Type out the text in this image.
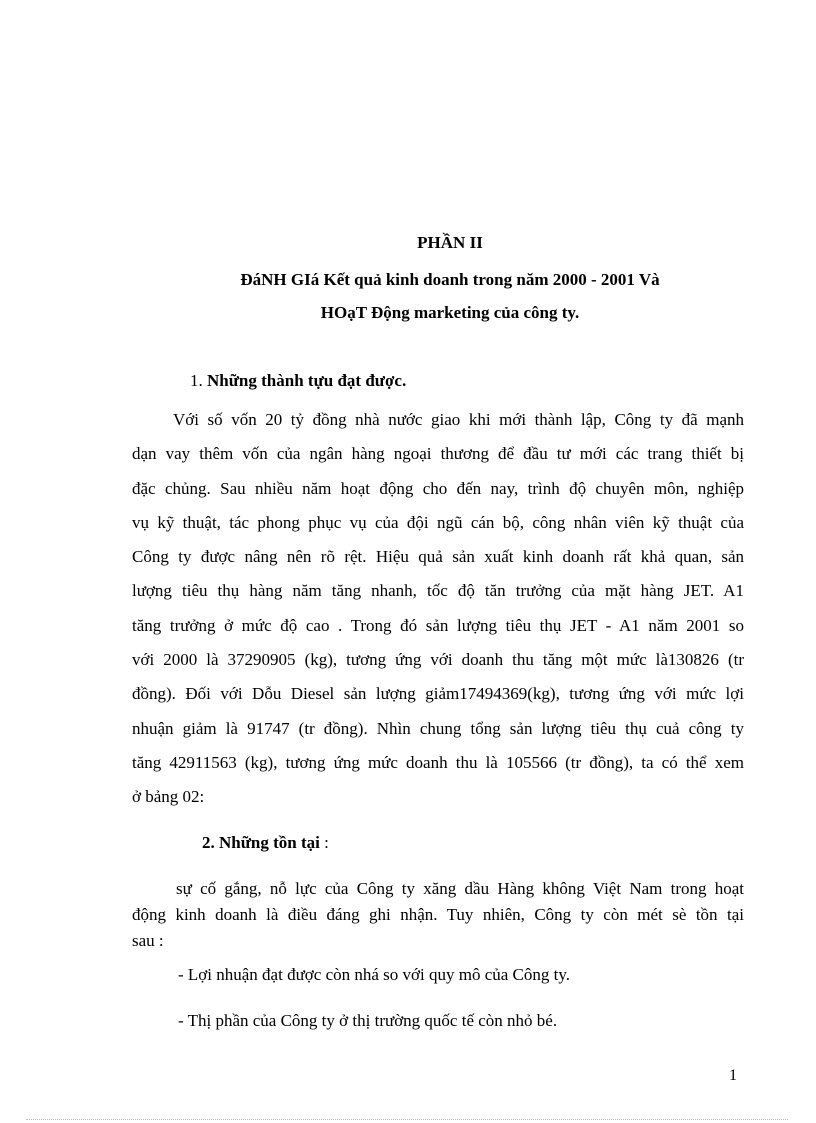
PHẦN II
ĐáNH GIá Kết quả kinh doanh trong năm 2000 - 2001 Và
HOạT Động marketing của công ty.
1. Những thành tựu đạt được.
Với số vốn 20 tỷ đồng nhà nước giao khi mới thành lập, Công ty đã mạnh
dạn vay thêm vốn của ngân hàng ngoại thương để đầu tư mới các trang thiết bị
đặc chủng. Sau nhiều năm hoạt động cho đến nay, trình độ chuyên môn, nghiệp
vụ kỹ thuật, tác phong phục vụ của đội ngũ cán bộ, công nhân viên kỹ thuật của
Công ty được nâng nên rõ rệt. Hiệu quả sản xuất kinh doanh rất khả quan, sản
lượng tiêu thụ hàng năm tăng nhanh, tốc độ tăn trưởng của mặt hàng JET. A1
tăng trưởng ở mức độ cao . Trong đó sản lượng tiêu thụ JET - A1 năm 2001 so
với 2000 là 37290905 (kg), tương ứng với doanh thu tăng một mức là130826 (tr
đồng). Đối với Dỗu Diesel sản lượng giảm17494369(kg), tương ứng với mức lợi
nhuận giảm là 91747 (tr đồng). Nhìn chung tổng sản lượng tiêu thụ cuả công ty
tăng 42911563 (kg), tương ứng mức doanh thu là 105566 (tr đồng), ta có thể xem
ở bảng 02:
2. Những tồn tại :
sự cố gắng, nỗ lực của Công ty xăng dầu Hàng không Việt Nam trong hoạt
động kinh doanh là điều đáng ghi nhận. Tuy nhiên, Công ty còn mét sè tồn tại
sau :
- Lợi nhuận đạt được còn nhá so với quy mô của Công ty.
- Thị phần của Công ty ở thị trường quốc tế còn nhỏ bé.
1
